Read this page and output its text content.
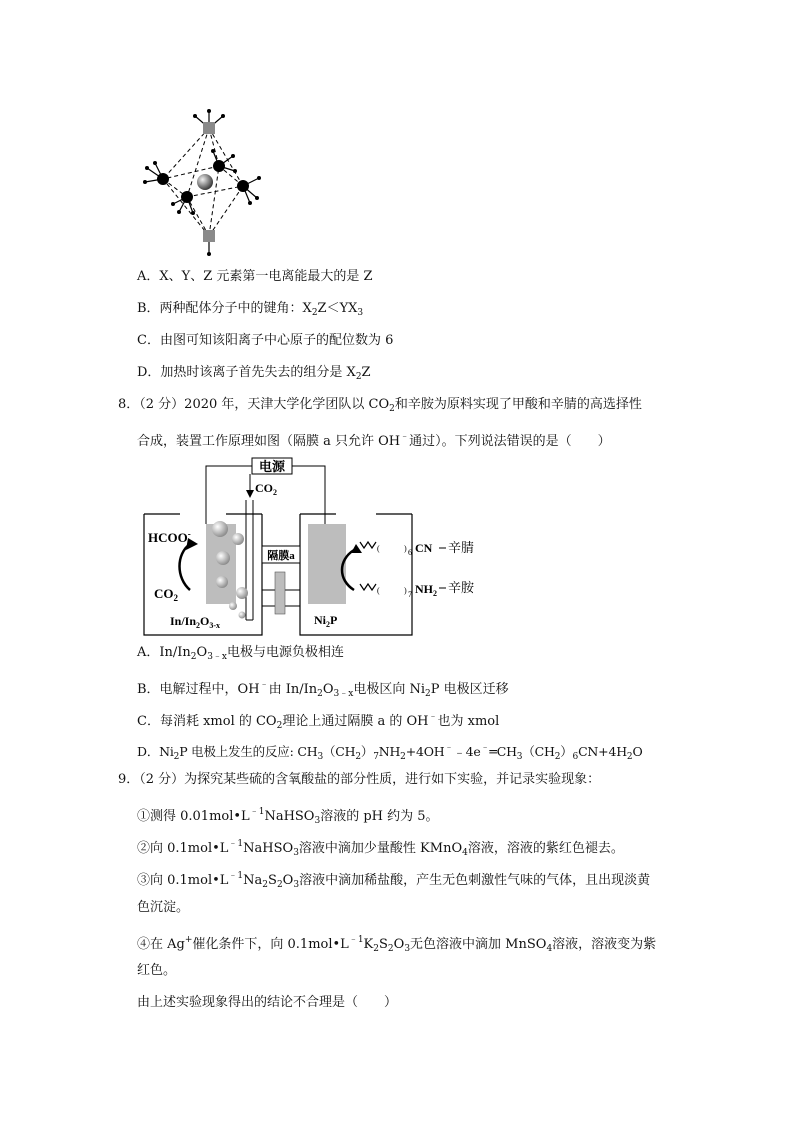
A．X、Y、Z 元素第一电离能最大的是 Z
B．两种配体分子中的键角：$X_2Z<YX_3$
C．由图可知该阳离子中心原子的配位数为 6
D．加热时该离子首先失去的组分是 $X_2Z$
8．（2 分）2020 年，天津大学化学团队以 $CO_2$和辛胺为原料实现了甲酸和辛腈的高选择性
合成，装置工作原理如图（隔膜 a 只允许 OH﹣通过）。下列说法错误的是（　　）
电源
$CO_2$
隔膜a
HCOO-
$CO_2$
$In/In_2O_{3-x}$
(	) 6 CN 辛腈
(	) 7 $NH_2$ 辛胺
$Ni_2P$
A．$In/In_2O_{3﹣x}$电极与电源负极相连
B．电解过程中，OH﹣由 $In/In_2O_{3﹣x}$电极区向 $Ni_2P$ 电极区迁移
C．每消耗 xmol 的 $CO_2$理论上通过隔膜 a 的 OH﹣也为 xmol
D．$Ni_2P$ 电极上发生的反应: $CH_3(CH_2)_7NH_2+4OH^﹣﹣4e^﹣═CH_3(CH_2)_6CN+4H_2O$
9．（2 分）为探究某些硫的含氧酸盐的部分性质，进行如下实验，并记录实验现象：
①测得 $0.01mol•L^{﹣1}NaHSO_3$溶液的 pH 约为 5。
②向 $0.1mol•L^{﹣1}NaHSO_3$溶液中滴加少量酸性 KMnO$_4$溶液，溶液的紫红色褪去。
③向 $0.1mol•L^{﹣1}Na_2S_2O_3$溶液中滴加稀盐酸，产生无色刺激性气味的气体，且出现淡黄
色沉淀。
④在 Ag+催化条件下，向 $0.1mol•L^{﹣1}K_2S_2O_3$无色溶液中滴加 MnSO$_4$溶液，溶液变为紫
红色。
由上述实验现象得出的结论不合理是（　　）
